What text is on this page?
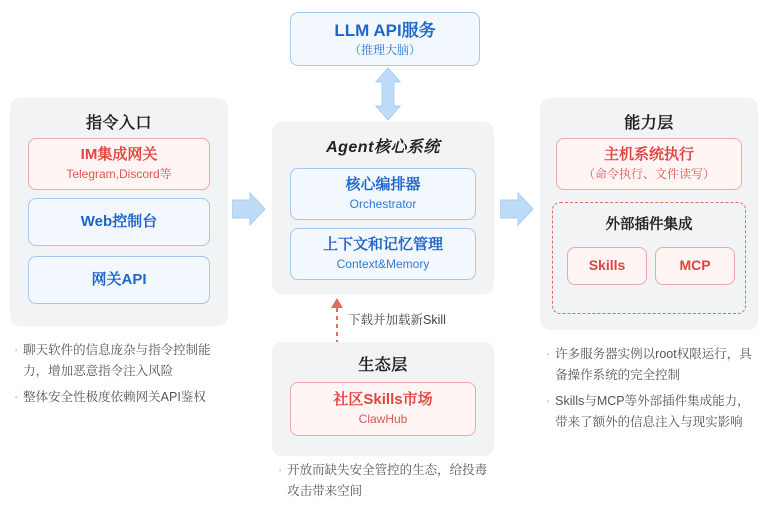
LLM API服务
（推理大脑）
指令入口
IM集成网关
Telegram,Discord等
Web控制台
网关API
Agent核心系统
核心编排器
Orchestrator
上下文和记忆管理
Context&Memory
能力层
主机系统执行
（命令执行、文件读写）
外部插件集成
Skills	MCP
下载并加载新Skill
生态层
社区Skills市场
ClawHub
· 聊天软件的信息庞杂与指令控制能力，增加恶意指令注入风险
· 整体安全性极度依赖网关API鉴权
· 许多服务器实例以root权限运行，具备操作系统的完全控制
· Skills与MCP等外部插件集成能力，带来了额外的信息注入与现实影响
· 开放而缺失安全管控的生态，给投毒攻击带来空间
